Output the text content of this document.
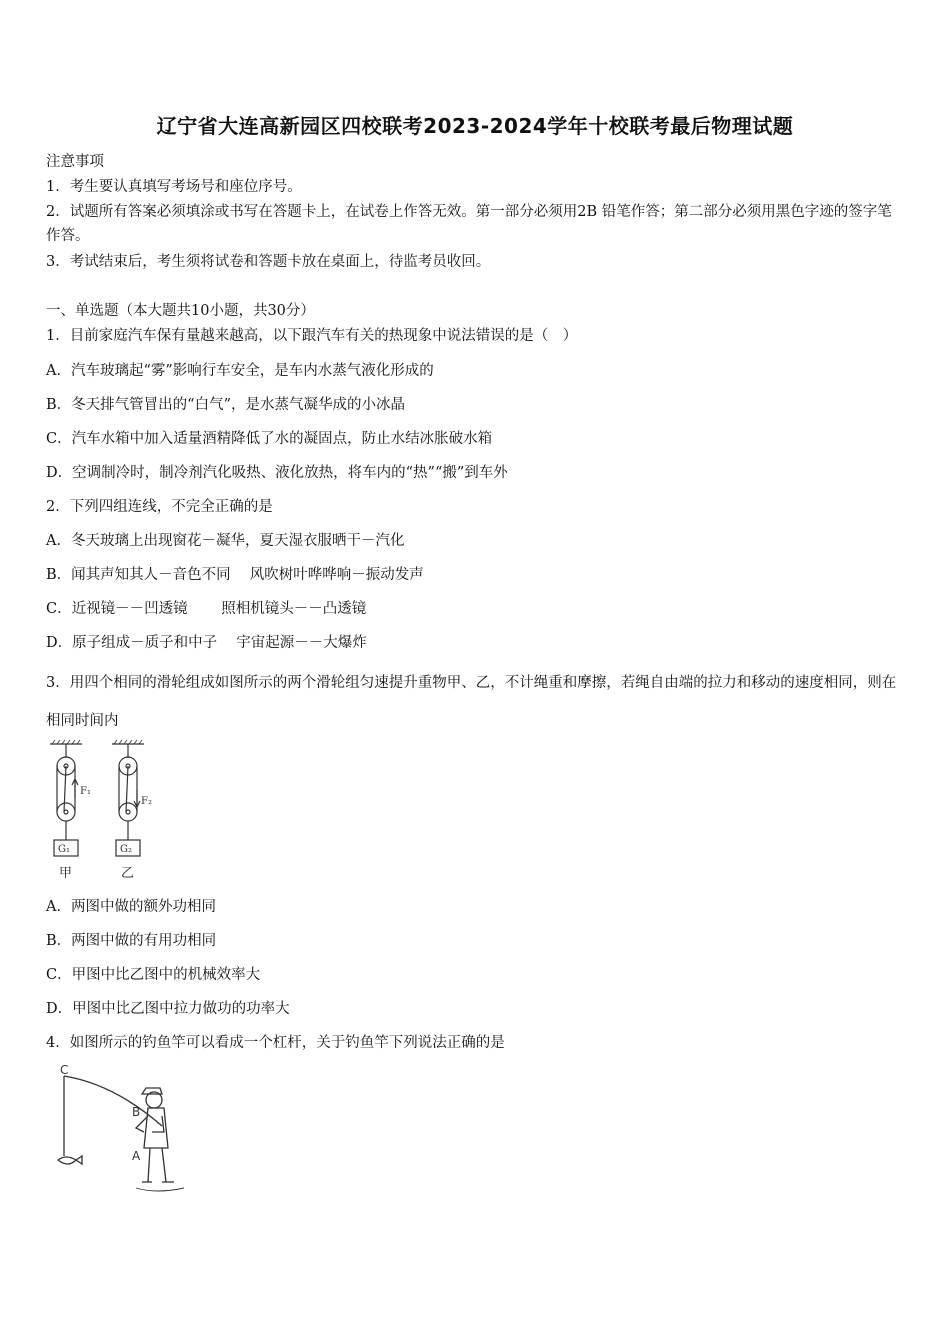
辽宁省大连高新园区四校联考2023-2024学年十校联考最后物理试题
注意事项
1．考生要认真填写考场号和座位序号。
2．试题所有答案必须填涂或书写在答题卡上，在试卷上作答无效。第一部分必须用2B 铅笔作答；第二部分必须用黑色字迹的签字笔作答。
3．考试结束后，考生须将试卷和答题卡放在桌面上，待监考员收回。
一、单选题（本大题共10小题，共30分）
1．目前家庭汽车保有量越来越高，以下跟汽车有关的热现象中说法错误的是（　）
A．汽车玻璃起“雾”影响行车安全，是车内水蒸气液化形成的
B．冬天排气管冒出的“白气”，是水蒸气凝华成的小冰晶
C．汽车水箱中加入适量酒精降低了水的凝固点，防止水结冰胀破水箱
D．空调制冷时，制冷剂汽化吸热、液化放热，将车内的“热”“搬”到车外
2．下列四组连线，不完全正确的是
A．冬天玻璃上出现窗花－凝华，夏天湿衣服晒干－汽化
B．闻其声知其人－音色不同　 风吹树叶哗哗响－振动发声
C．近视镜－－凹透镜　　 照相机镜头－－凸透镜
D．原子组成－质子和中子　 宇宙起源－－大爆炸
3．用四个相同的滑轮组成如图所示的两个滑轮组匀速提升重物甲、乙，不计绳重和摩擦，若绳自由端的拉力和移动的速度相同，则在相同时间内
F₁
F₂
G₁	G₂
甲	乙
A．两图中做的额外功相同
B．两图中做的有用功相同
C．甲图中比乙图中的机械效率大
D．甲图中比乙图中拉力做功的功率大
4．如图所示的钓鱼竿可以看成一个杠杆，关于钓鱼竿下列说法正确的是
C
B
A
